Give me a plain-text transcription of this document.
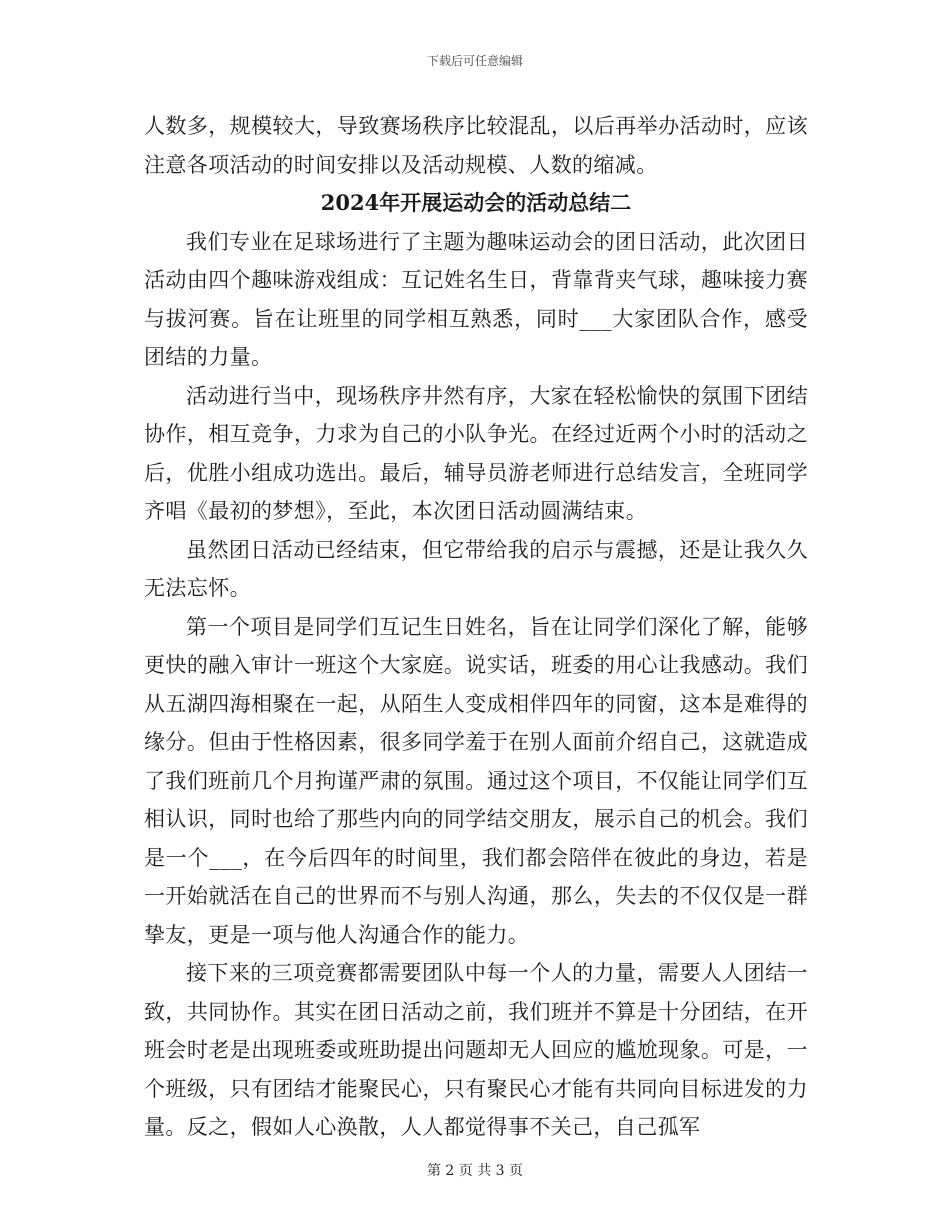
下载后可任意编辑

人数多，规模较大，导致赛场秩序比较混乱，以后再举办活动时，应该注意各项活动的时间安排以及活动规模、人数的缩减。

2024年开展运动会的活动总结二

我们专业在足球场进行了主题为趣味运动会的团日活动，此次团日活动由四个趣味游戏组成：互记姓名生日，背靠背夹气球，趣味接力赛与拔河赛。旨在让班里的同学相互熟悉，同时___大家团队合作，感受团结的力量。

活动进行当中，现场秩序井然有序，大家在轻松愉快的氛围下团结协作，相互竞争，力求为自己的小队争光。在经过近两个小时的活动之后，优胜小组成功选出。最后，辅导员游老师进行总结发言，全班同学齐唱《最初的梦想》，至此，本次团日活动圆满结束。

虽然团日活动已经结束，但它带给我的启示与震撼，还是让我久久无法忘怀。

第一个项目是同学们互记生日姓名，旨在让同学们深化了解，能够更快的融入审计一班这个大家庭。说实话，班委的用心让我感动。我们从五湖四海相聚在一起，从陌生人变成相伴四年的同窗，这本是难得的缘分。但由于性格因素，很多同学羞于在别人面前介绍自己，这就造成了我们班前几个月拘谨严肃的氛围。通过这个项目，不仅能让同学们互相认识，同时也给了那些内向的同学结交朋友，展示自己的机会。我们是一个___，在今后四年的时间里，我们都会陪伴在彼此的身边，若是一开始就活在自己的世界而不与别人沟通，那么，失去的不仅仅是一群挚友，更是一项与他人沟通合作的能力。

接下来的三项竞赛都需要团队中每一个人的力量，需要人人团结一致，共同协作。其实在团日活动之前，我们班并不算是十分团结，在开班会时老是出现班委或班助提出问题却无人回应的尴尬现象。可是，一个班级，只有团结才能聚民心，只有聚民心才能有共同向目标进发的力量。反之，假如人心涣散，人人都觉得事不关己，自己孤军

第 2 页 共 3 页
